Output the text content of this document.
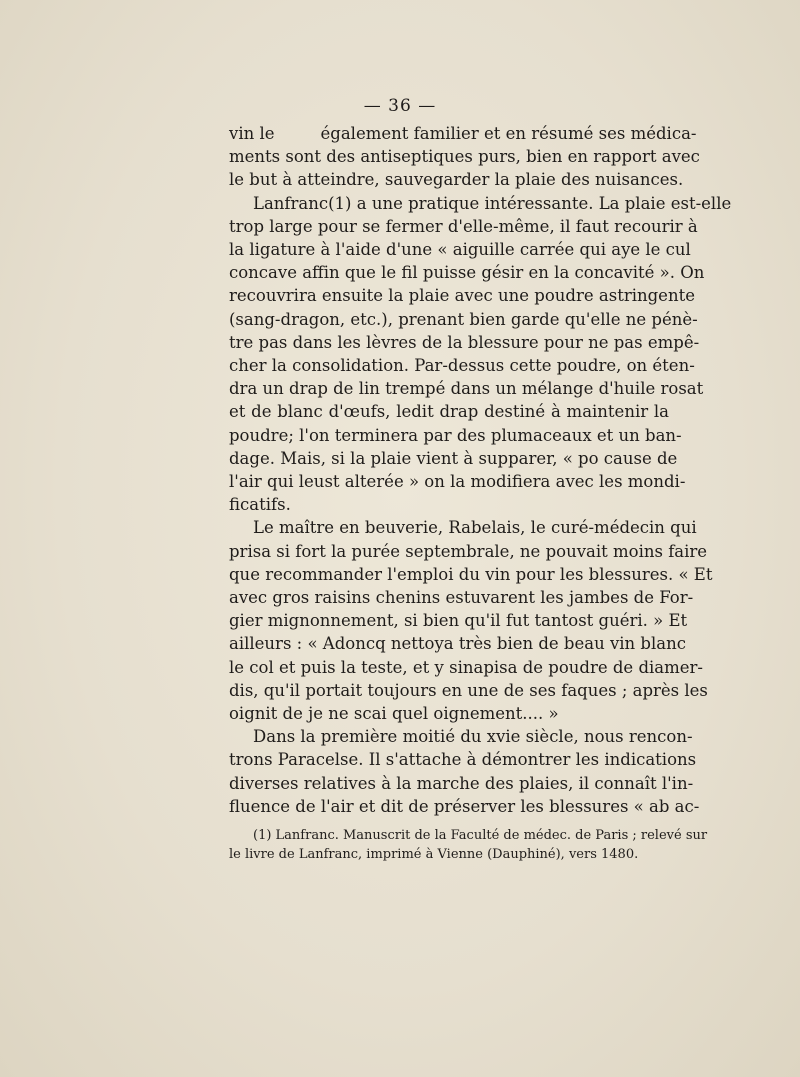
— 36 —
vin le	également familier et en résumé ses médica-
ments sont des antiseptiques purs, bien en rapport avec
le but à atteindre, sauvegarder la plaie des nuisances.
Lanfranc(1) a une pratique intéressante. La plaie est-elle
trop large pour se fermer d'elle-même, il faut recourir à
la ligature à l'aide d'une « aiguille carrée qui aye le cul
concave affin que le fil puisse gésir en la concavité ». On
recouvrira ensuite la plaie avec une poudre astringente
(sang-dragon, etc.), prenant bien garde qu'elle ne pénè-
tre pas dans les lèvres de la blessure pour ne pas empê-
cher la consolidation. Par-dessus cette poudre, on éten-
dra un drap de lin trempé dans un mélange d'huile rosat
et de blanc d'œufs, ledit drap destiné à maintenir la
poudre; l'on terminera par des plumaceaux et un ban-
dage. Mais, si la plaie vient à supparer, « po cause de
l'air qui leust alterée » on la modifiera avec les mondi-
ficatifs.
Le maître en beuverie, Rabelais, le curé-médecin qui
prisa si fort la purée septembrale, ne pouvait moins faire
que recommander l'emploi du vin pour les blessures. « Et
avec gros raisins chenins estuvarent les jambes de For-
gier mignonnement, si bien qu'il fut tantost guéri. » Et
ailleurs : « Adoncq nettoya très bien de beau vin blanc
le col et puis la teste, et y sinapisa de poudre de diamer-
dis, qu'il portait toujours en une de ses faques ; après les
oignit de je ne scai quel oignement.... »
Dans la première moitié du xvie siècle, nous rencon-
trons Paracelse. Il s'attache à démontrer les indications
diverses relatives à la marche des plaies, il connaît l'in-
fluence de l'air et dit de préserver les blessures « ab ac-
(1) Lanfranc. Manuscrit de la Faculté de médec. de Paris ; relevé sur
le livre de Lanfranc, imprimé à Vienne (Dauphiné), vers 1480.
